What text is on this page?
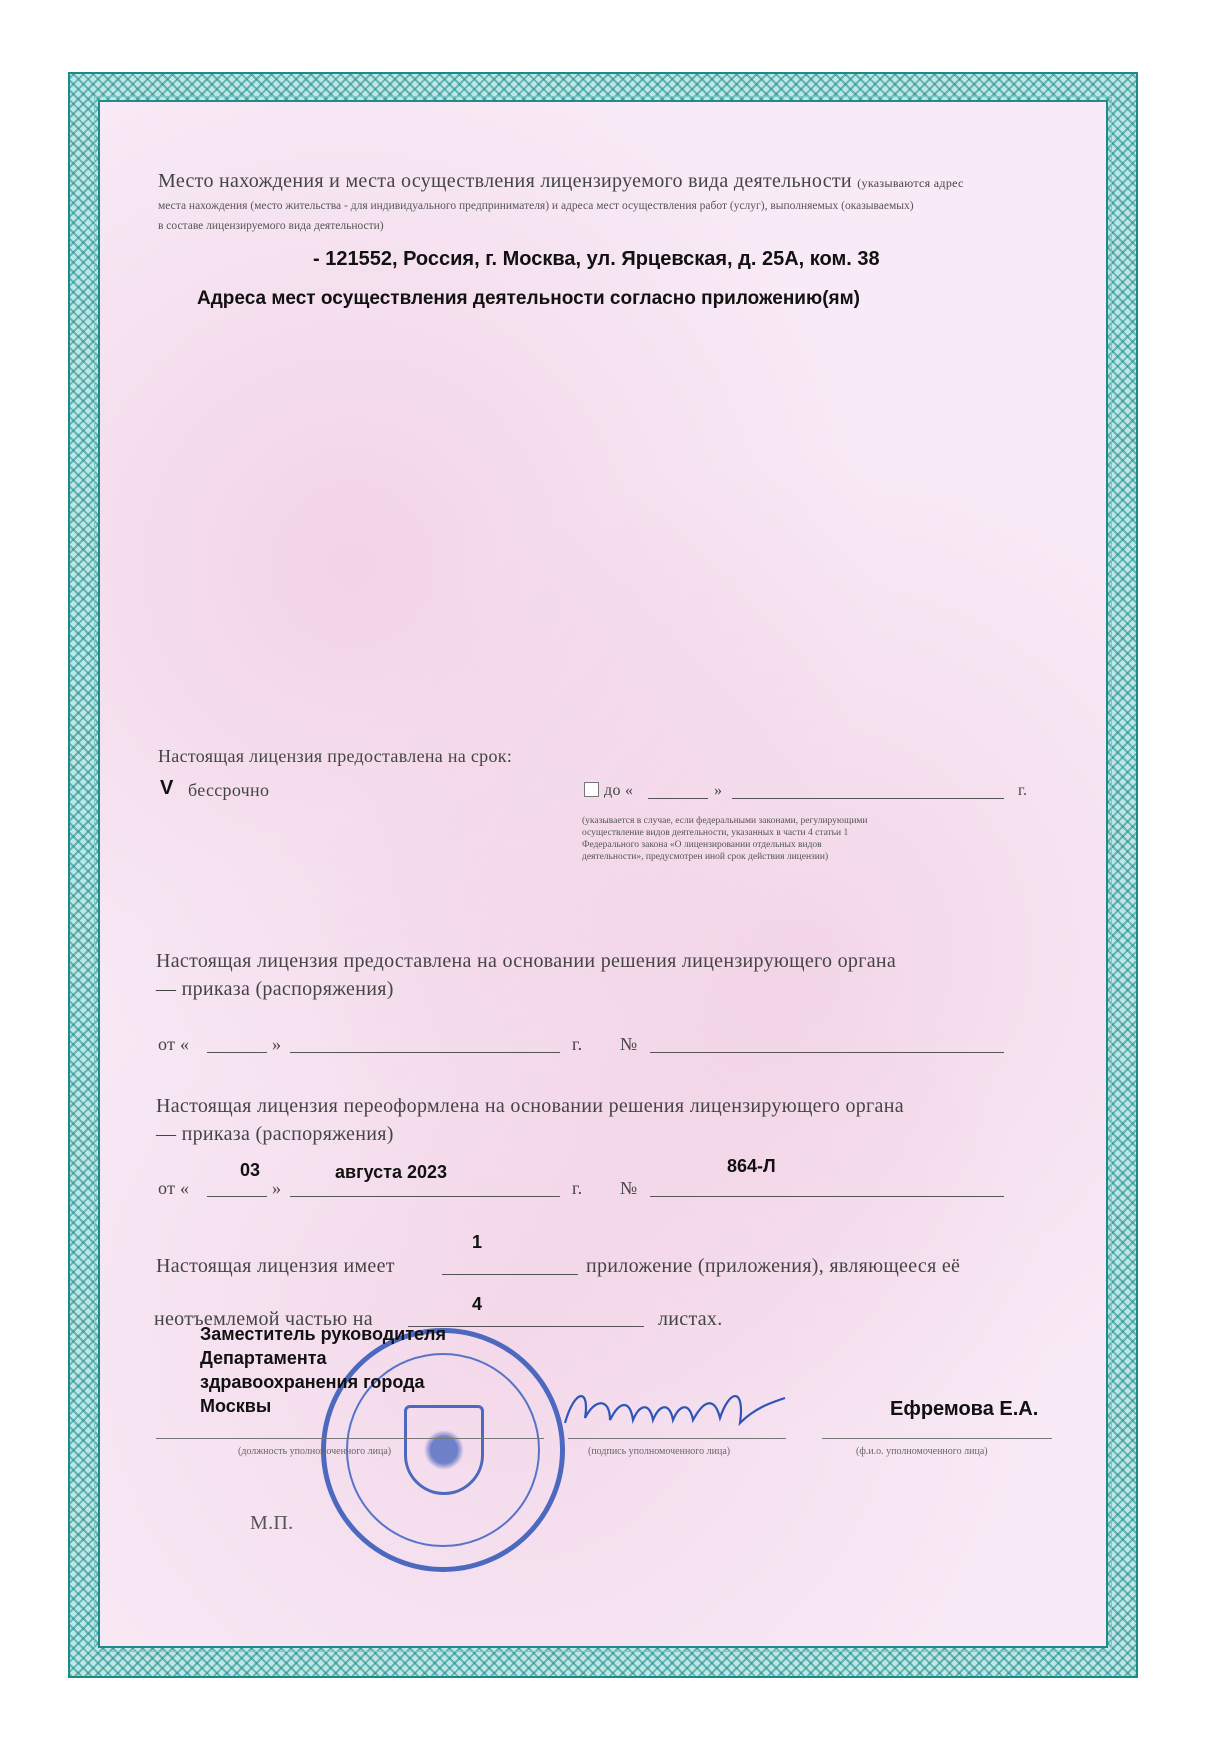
Место нахождения и места осуществления лицензируемого вида деятельности (указываются адрес
места нахождения (место жительства - для индивидуального предпринимателя) и адреса мест осуществления работ (услуг), выполняемых (оказываемых)
в составе лицензируемого вида деятельности)
- 121552, Россия, г. Москва, ул. Ярцевская, д. 25А, ком. 38
Адреса мест осуществления деятельности согласно приложению(ям)
Настоящая лицензия предоставлена на срок:
V бессрочно	до «	»	г.
(указывается в случае, если федеральными законами, регулирующими осуществление видов деятельности, указанных в части 4 статьи 1 Федерального закона «О лицензировании отдельных видов деятельности», предусмотрен иной срок действия лицензии)
Настоящая лицензия предоставлена на основании решения лицензирующего органа
— приказа (распоряжения)
от «	»	г. №
Настоящая лицензия переоформлена на основании решения лицензирующего органа
— приказа (распоряжения)
03	августа 2023	864-Л
от «	»	г. №
1
Настоящая лицензия имеет	приложение (приложения), являющееся её
4
неотъемлемой частью на	листах.
Заместитель руководителя
Департамента
здравоохранения города
Москвы	Ефремова Е.А.
(должность уполномоченного лица)	(подпись уполномоченного лица)	(ф.и.о. уполномоченного лица)
М.П.
